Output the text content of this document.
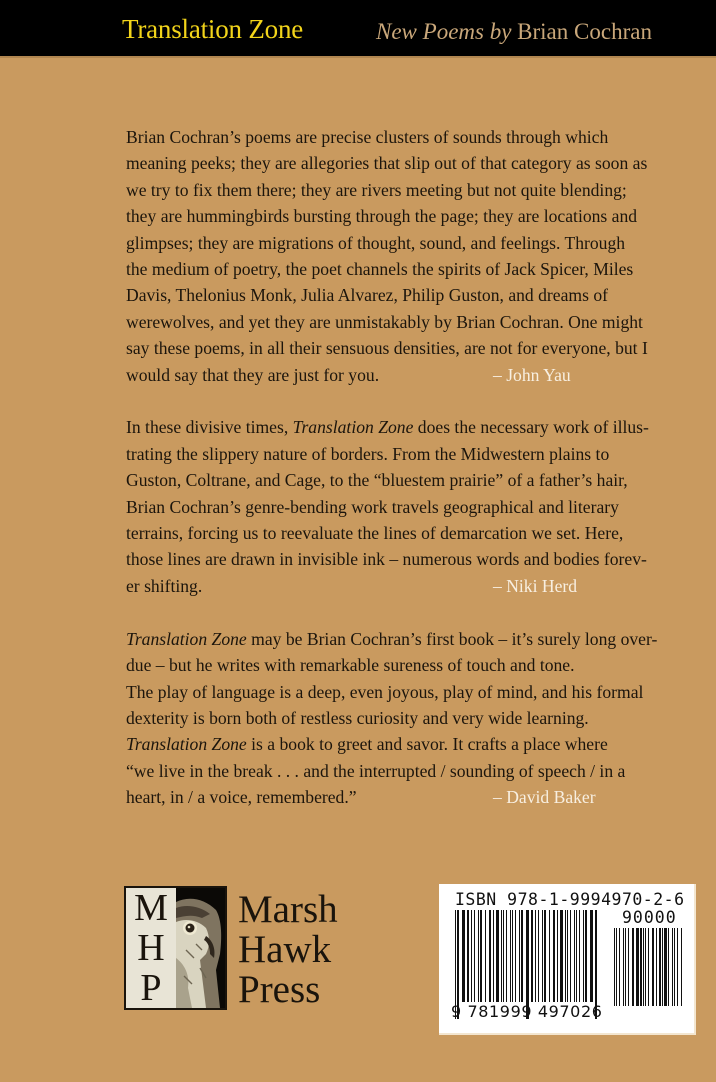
Translation Zone	New Poems by Brian Cochran
Brian Cochran’s poems are precise clusters of sounds through which
meaning peeks; they are allegories that slip out of that category as soon as
we try to fix them there; they are rivers meeting but not quite blending;
they are hummingbirds bursting through the page; they are locations and
glimpses; they are migrations of thought, sound, and feelings. Through
the medium of poetry, the poet channels the spirits of Jack Spicer, Miles
Davis, Thelonius Monk, Julia Alvarez, Philip Guston, and dreams of
werewolves, and yet they are unmistakably by Brian Cochran. One might
say these poems, in all their sensuous densities, are not for everyone, but I
would say that they are just for you.	– John Yau
In these divisive times, Translation Zone does the necessary work of illus-
trating the slippery nature of borders. From the Midwestern plains to
Guston, Coltrane, and Cage, to the “bluestem prairie” of a father’s hair,
Brian Cochran’s genre-bending work travels geographical and literary
terrains, forcing us to reevaluate the lines of demarcation we set. Here,
those lines are drawn in invisible ink – numerous words and bodies forev-
er shifting.	– Niki Herd
Translation Zone may be Brian Cochran’s first book – it’s surely long over-
due – but he writes with remarkable sureness of touch and tone.
The play of language is a deep, even joyous, play of mind, and his formal
dexterity is born both of restless curiosity and very wide learning.
Translation Zone is a book to greet and savor. It crafts a place where
“we live in the break . . . and the interrupted / sounding of speech / in a
heart, in / a voice, remembered.”	– David Baker
M
H
P
Marsh
Hawk
Press
ISBN 978-1-9994970-2-6
90000
9 781999 497026
